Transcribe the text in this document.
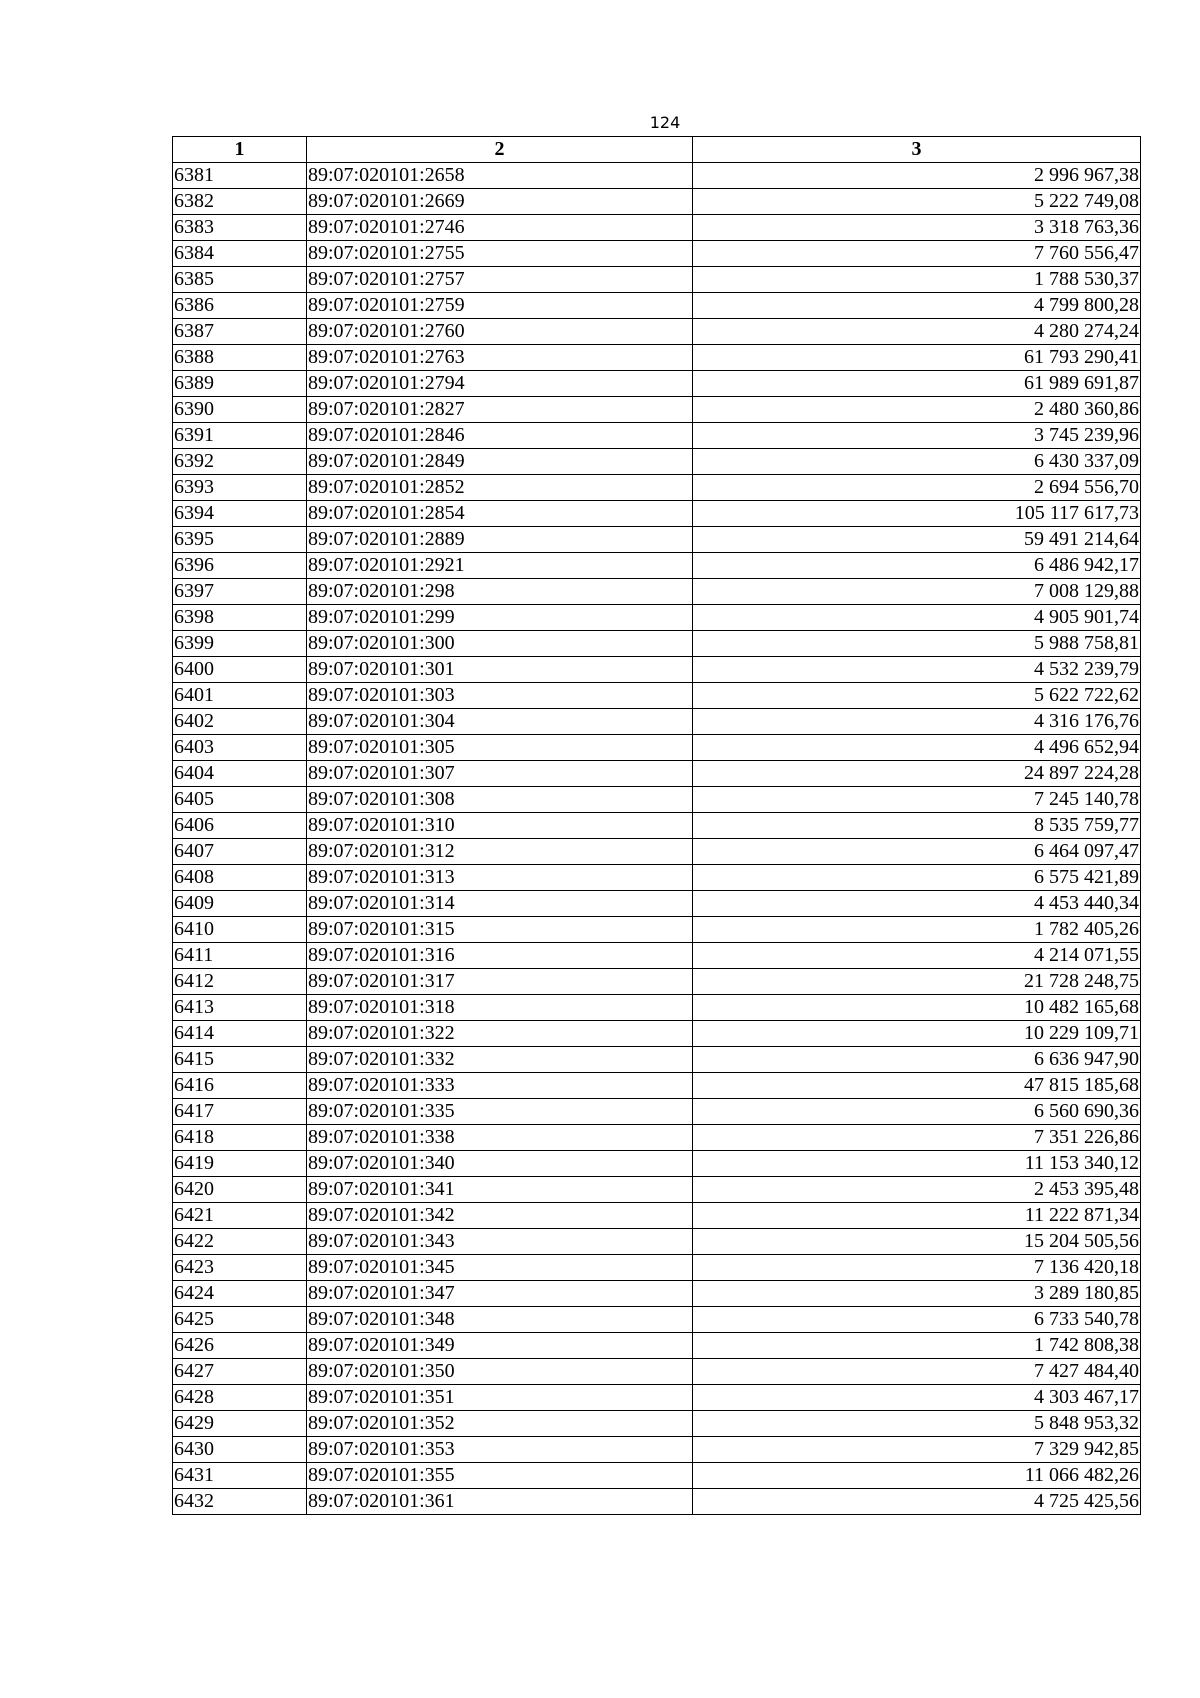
124
1	2	3
6381	89:07:020101:2658	2 996 967,38
6382	89:07:020101:2669	5 222 749,08
6383	89:07:020101:2746	3 318 763,36
6384	89:07:020101:2755	7 760 556,47
6385	89:07:020101:2757	1 788 530,37
6386	89:07:020101:2759	4 799 800,28
6387	89:07:020101:2760	4 280 274,24
6388	89:07:020101:2763	61 793 290,41
6389	89:07:020101:2794	61 989 691,87
6390	89:07:020101:2827	2 480 360,86
6391	89:07:020101:2846	3 745 239,96
6392	89:07:020101:2849	6 430 337,09
6393	89:07:020101:2852	2 694 556,70
6394	89:07:020101:2854	105 117 617,73
6395	89:07:020101:2889	59 491 214,64
6396	89:07:020101:2921	6 486 942,17
6397	89:07:020101:298	7 008 129,88
6398	89:07:020101:299	4 905 901,74
6399	89:07:020101:300	5 988 758,81
6400	89:07:020101:301	4 532 239,79
6401	89:07:020101:303	5 622 722,62
6402	89:07:020101:304	4 316 176,76
6403	89:07:020101:305	4 496 652,94
6404	89:07:020101:307	24 897 224,28
6405	89:07:020101:308	7 245 140,78
6406	89:07:020101:310	8 535 759,77
6407	89:07:020101:312	6 464 097,47
6408	89:07:020101:313	6 575 421,89
6409	89:07:020101:314	4 453 440,34
6410	89:07:020101:315	1 782 405,26
6411	89:07:020101:316	4 214 071,55
6412	89:07:020101:317	21 728 248,75
6413	89:07:020101:318	10 482 165,68
6414	89:07:020101:322	10 229 109,71
6415	89:07:020101:332	6 636 947,90
6416	89:07:020101:333	47 815 185,68
6417	89:07:020101:335	6 560 690,36
6418	89:07:020101:338	7 351 226,86
6419	89:07:020101:340	11 153 340,12
6420	89:07:020101:341	2 453 395,48
6421	89:07:020101:342	11 222 871,34
6422	89:07:020101:343	15 204 505,56
6423	89:07:020101:345	7 136 420,18
6424	89:07:020101:347	3 289 180,85
6425	89:07:020101:348	6 733 540,78
6426	89:07:020101:349	1 742 808,38
6427	89:07:020101:350	7 427 484,40
6428	89:07:020101:351	4 303 467,17
6429	89:07:020101:352	5 848 953,32
6430	89:07:020101:353	7 329 942,85
6431	89:07:020101:355	11 066 482,26
6432	89:07:020101:361	4 725 425,56
